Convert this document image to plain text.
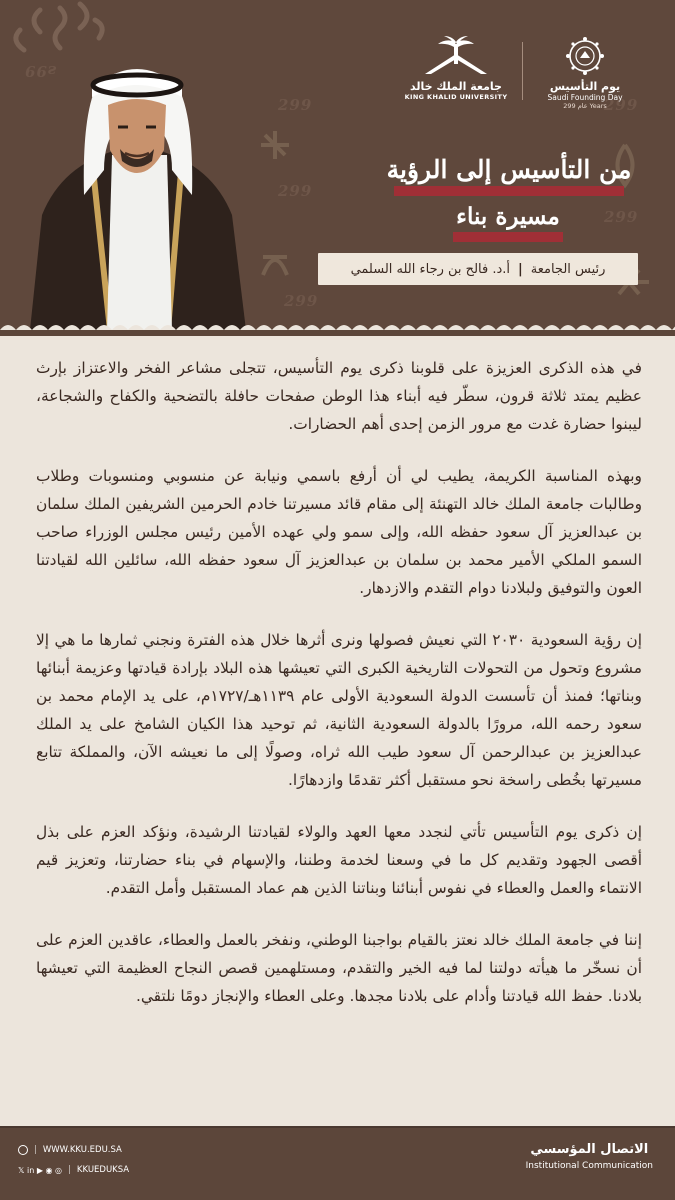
ƨ99
299	299
299
299
299
جامعة الملك خالد
KING KHALID UNIVERSITY
يوم التأسيس
Saudi Founding Day
299 عام Years
من التأسيس إلى الرؤية
مسيرة بناء
رئيس الجامعة
|
أ.د. فالح بن رجاء الله السلمي

في هذه الذكرى العزيزة على قلوبنا ذكرى يوم التأسيس، تتجلى مشاعر الفخر والاعتزاز بإرث عظيم يمتد ثلاثة قرون، سطّر فيه أبناء هذا الوطن صفحات حافلة بالتضحية والكفاح والشجاعة، ليبنوا حضارة غدت مع مرور الزمن إحدى أهم الحضارات.

وبهذه المناسبة الكريمة، يطيب لي أن أرفع باسمي ونيابة عن منسوبي ومنسوبات وطلاب وطالبات جامعة الملك خالد التهنئة إلى مقام قائد مسيرتنا خادم الحرمين الشريفين الملك سلمان بن عبدالعزيز آل سعود حفظه الله، وإلى سمو ولي عهده الأمين رئيس مجلس الوزراء صاحب السمو الملكي الأمير محمد بن سلمان بن عبدالعزيز آل سعود حفظه الله، سائلين الله لقيادتنا العون والتوفيق ولبلادنا دوام التقدم والازدهار.

إن رؤية السعودية ٢٠٣٠ التي نعيش فصولها ونرى أثرها خلال هذه الفترة ونجني ثمارها ما هي إلا مشروع وتحول من التحولات التاريخية الكبرى التي تعيشها هذه البلاد بإرادة قيادتها وعزيمة أبنائها وبناتها؛ فمنذ أن تأسست الدولة السعودية الأولى عام ١١٣٩هـ/١٧٢٧م، على يد الإمام محمد بن سعود رحمه الله، مرورًا بالدولة السعودية الثانية، ثم توحيد هذا الكيان الشامخ على يد الملك عبدالعزيز بن عبدالرحمن آل سعود طيب الله ثراه، وصولًا إلى ما نعيشه الآن، والمملكة تتابع مسيرتها بخُطى راسخة نحو مستقبل أكثر تقدمًا وازدهارًا.

إن ذكرى يوم التأسيس تأتي لنجدد معها العهد والولاء لقيادتنا الرشيدة، ونؤكد العزم على بذل أقصى الجهود وتقديم كل ما في وسعنا لخدمة وطننا، والإسهام في بناء حضارتنا، وتعزيز قيم الانتماء والعمل والعطاء في نفوس أبنائنا وبناتنا الذين هم عماد المستقبل وأمل التقدم.

إننا في جامعة الملك خالد نعتز بالقيام بواجبنا الوطني، ونفخر بالعمل والعطاء، عاقدين العزم على أن نسخّر ما هيأته دولتنا لما فيه الخير والتقدم، ومستلهمين قصص النجاح العظيمة التي تعيشها بلادنا. حفظ الله قيادتنا وأدام على بلادنا مجدها. وعلى العطاء والإنجاز دومًا نلتقي.

| WWW.KKU.EDU.SA
𝕏 in ▶ ◉ ◎ | KKUEDUKSA
الاتصال المؤسسي
Institutional Communication
